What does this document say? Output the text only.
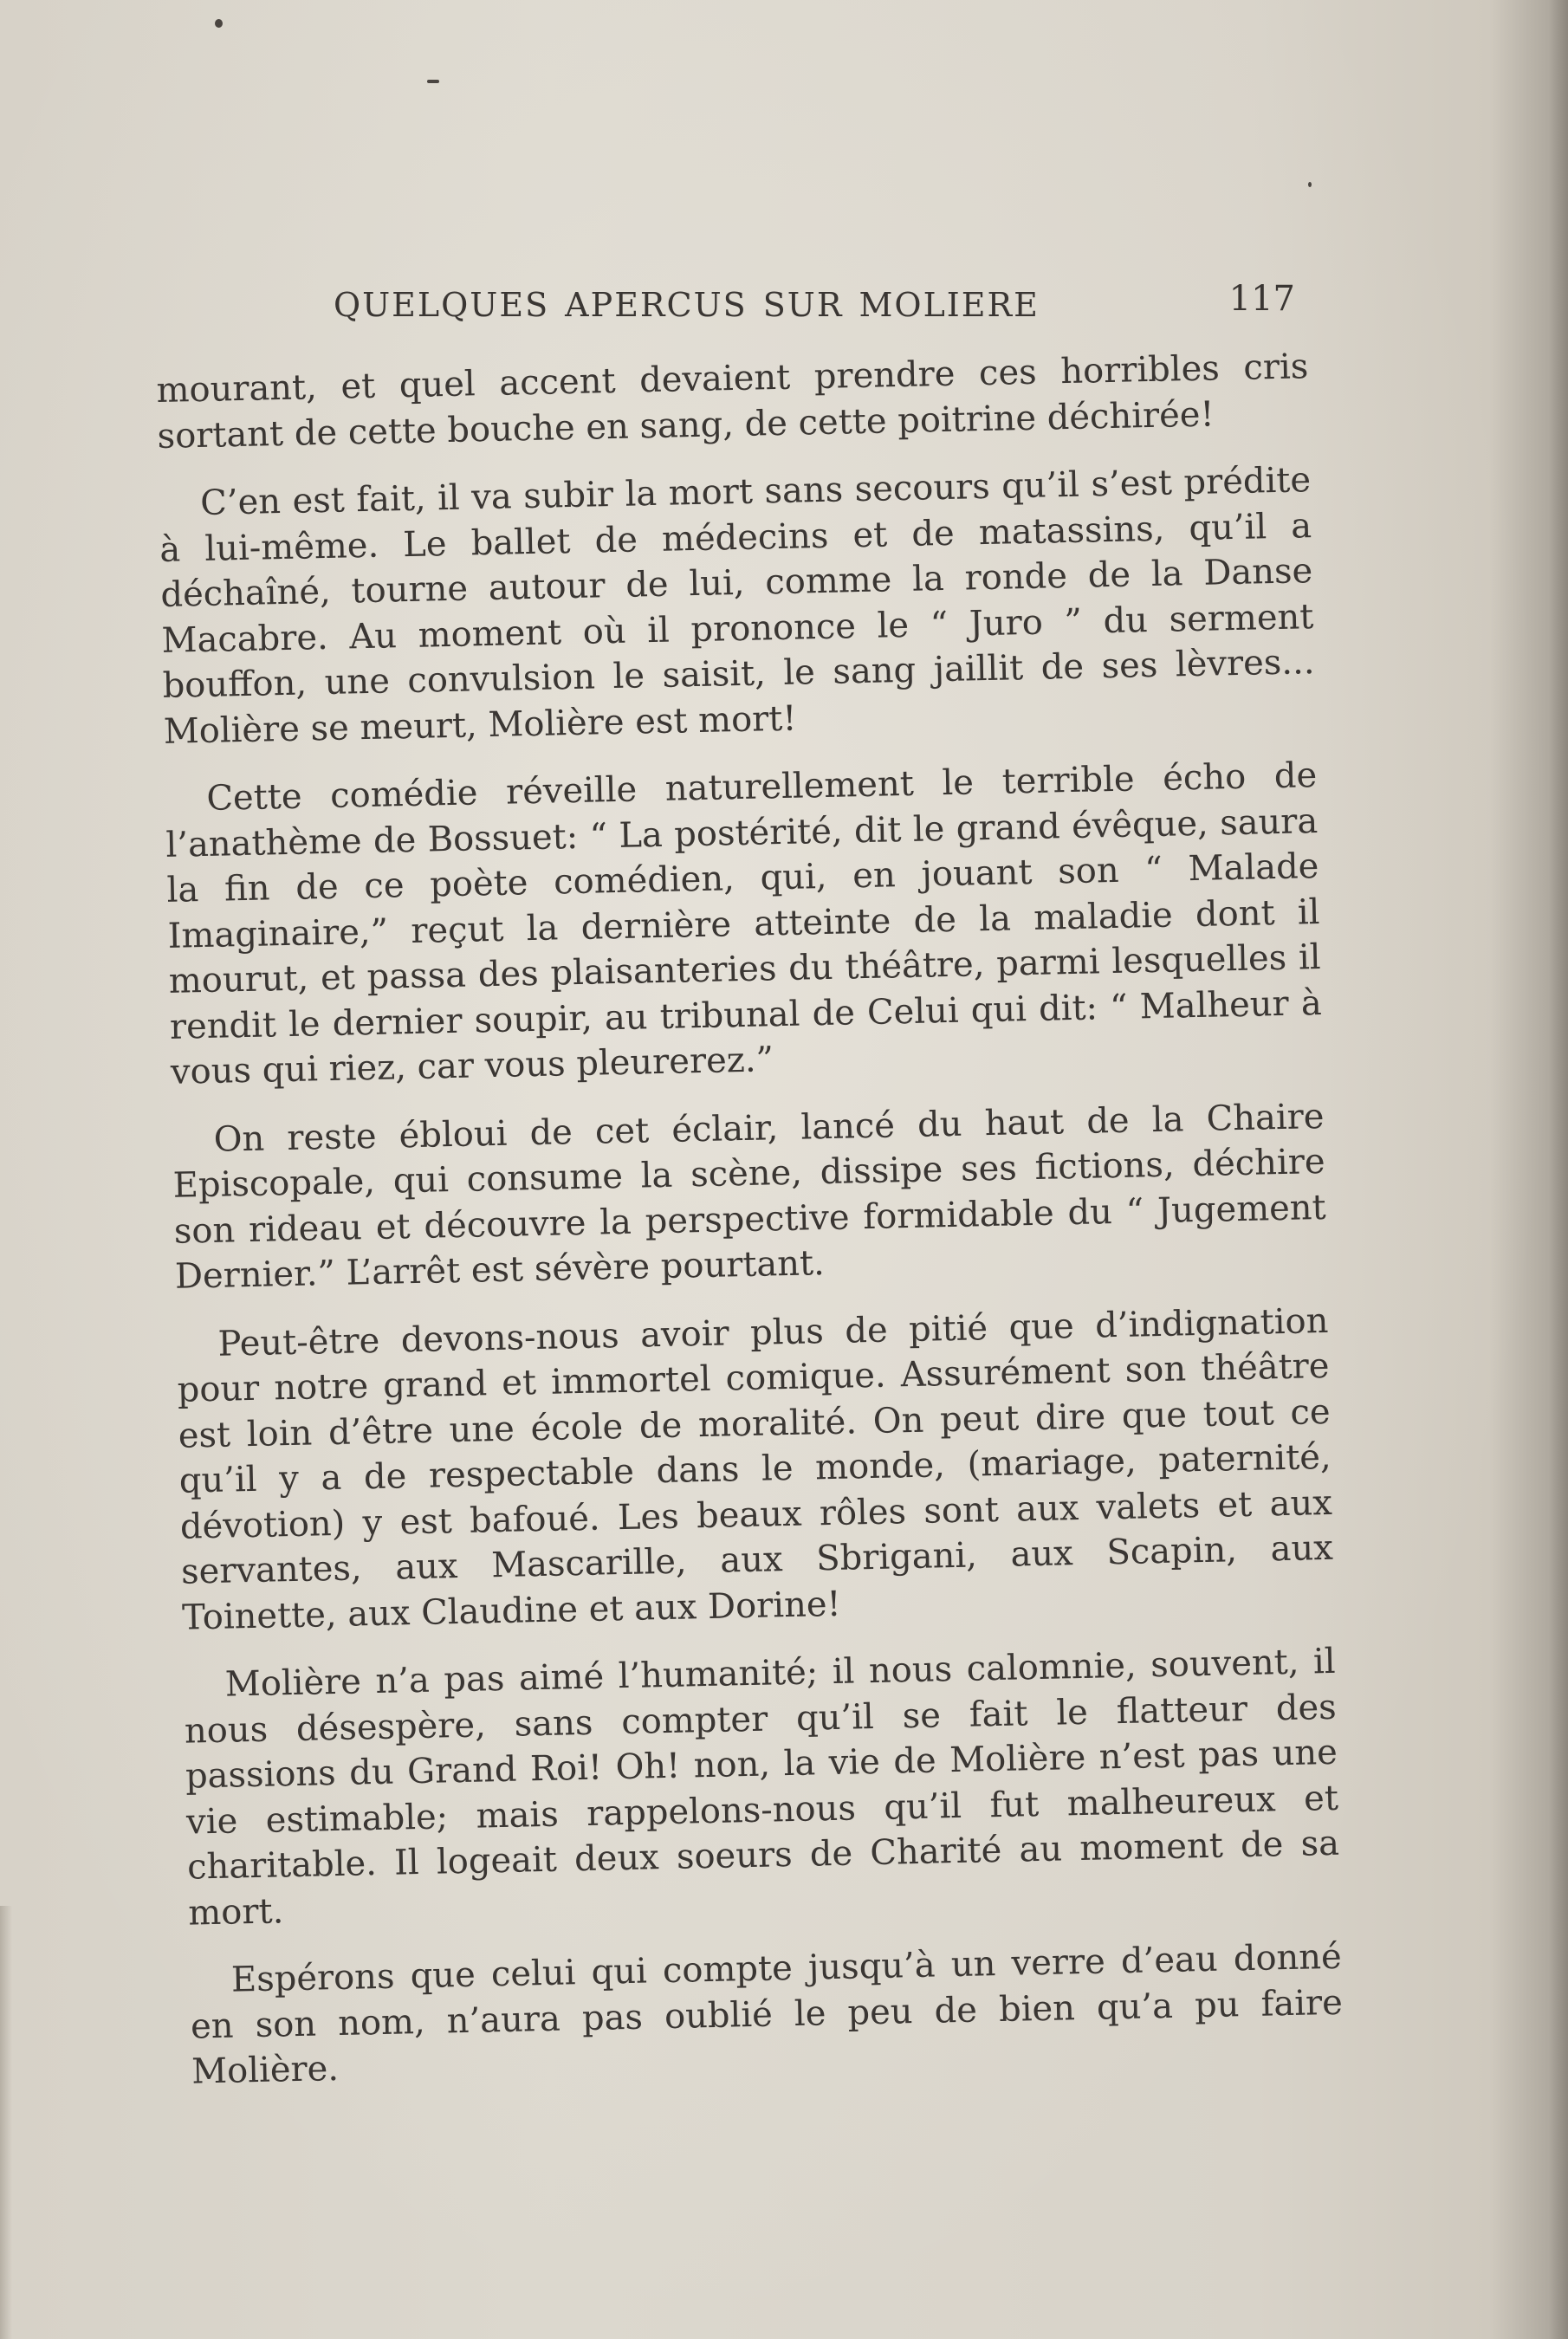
QUELQUES APERCUS SUR MOLIERE	117

mourant, et quel accent devaient prendre ces horribles cris sortant de cette bouche en sang, de cette poitrine déchirée!

C’en est fait, il va subir la mort sans secours qu’il s’est prédite à lui-même. Le ballet de médecins et de matassins, qu’il a déchaîné, tourne autour de lui, comme la ronde de la Danse Macabre. Au moment où il prononce le “ Juro ” du serment bouffon, une convulsion le saisit, le sang jaillit de ses lèvres... Molière se meurt, Molière est mort!

Cette comédie réveille naturellement le terrible écho de l’anathème de Bossuet: “ La postérité, dit le grand évêque, saura la fin de ce poète comédien, qui, en jouant son “ Malade Imaginaire,” reçut la dernière atteinte de la maladie dont il mourut, et passa des plaisanteries du théâtre, parmi lesquelles il rendit le dernier soupir, au tribunal de Celui qui dit: “ Malheur à vous qui riez, car vous pleurerez.”

On reste ébloui de cet éclair, lancé du haut de la Chaire Episcopale, qui consume la scène, dissipe ses fictions, déchire son rideau et découvre la perspective formidable du “ Jugement Dernier.” L’arrêt est sévère pourtant.

Peut-être devons-nous avoir plus de pitié que d’indignation pour notre grand et immortel comique. Assurément son théâtre est loin d’être une école de moralité. On peut dire que tout ce qu’il y a de respectable dans le monde, (mariage, paternité, dévotion) y est bafoué. Les beaux rôles sont aux valets et aux servantes, aux Mascarille, aux Sbrigani, aux Scapin, aux Toinette, aux Claudine et aux Dorine!

Molière n’a pas aimé l’humanité; il nous calomnie, souvent, il nous désespère, sans compter qu’il se fait le flatteur des passions du Grand Roi! Oh! non, la vie de Molière n’est pas une vie estimable; mais rappelons-nous qu’il fut malheureux et charitable. Il logeait deux soeurs de Charité au moment de sa mort.

Espérons que celui qui compte jusqu’à un verre d’eau donné en son nom, n’aura pas oublié le peu de bien qu’a pu faire Molière.
